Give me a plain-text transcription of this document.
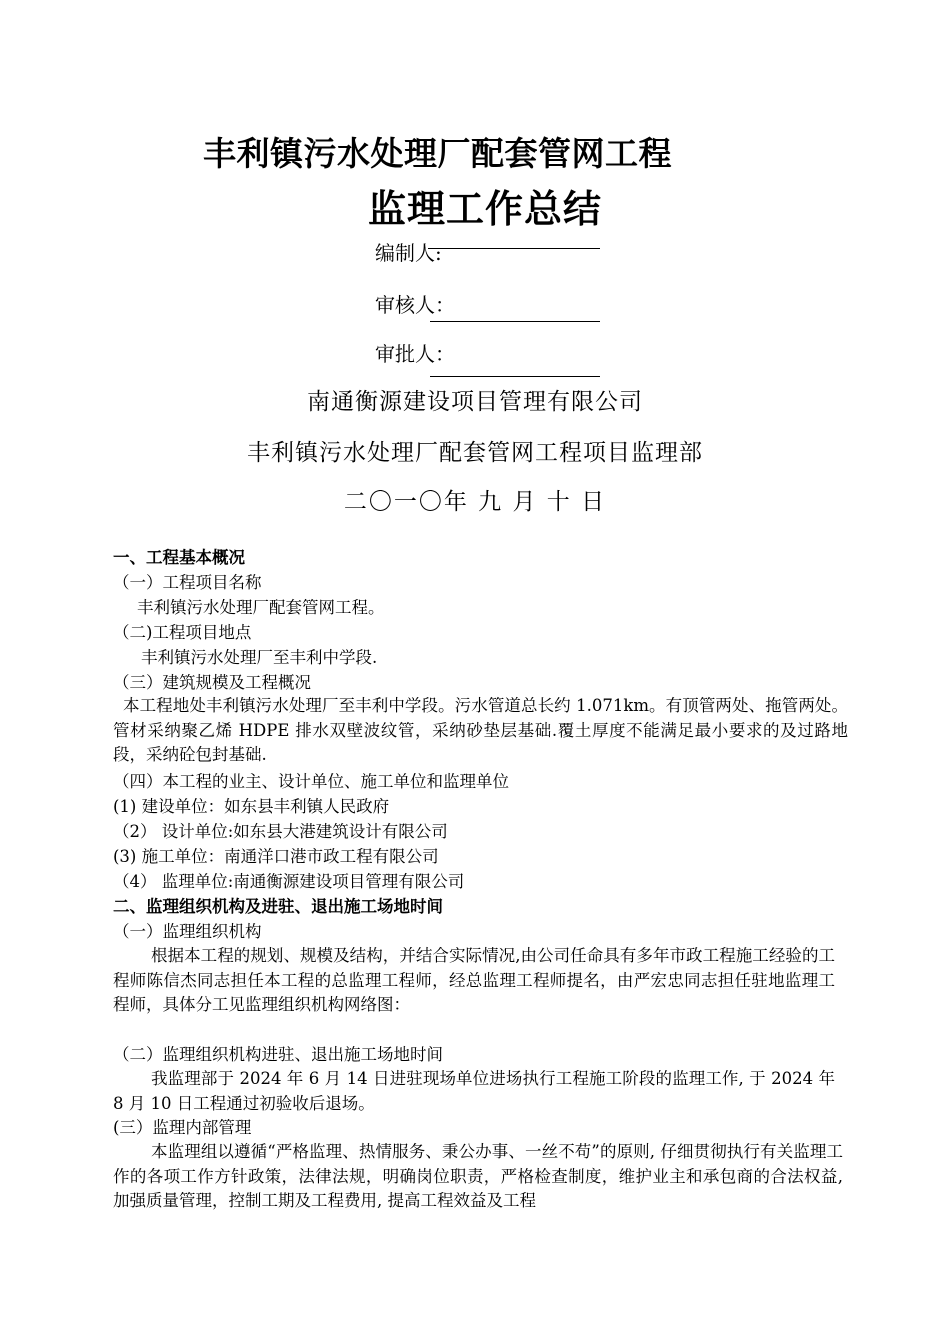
丰利镇污水处理厂配套管网工程
监理工作总结
编制人:
审核人：
审批人：
南通衡源建设项目管理有限公司
丰利镇污水处理厂配套管网工程项目监理部
二〇一〇年 九 月 十 日
一、工程基本概况
（一）工程项目名称
丰利镇污水处理厂配套管网工程。
（二)工程项目地点
丰利镇污水处理厂至丰利中学段.
（三）建筑规模及工程概况
本工程地处丰利镇污水处理厂至丰利中学段。污水管道总长约 1.071km。有顶管两处、拖管两处。管材采纳聚乙烯 HDPE 排水双壁波纹管，采纳砂垫层基础.覆土厚度不能满足最小要求的及过路地段，采纳砼包封基础.
（四）本工程的业主、设计单位、施工单位和监理单位
(1) 建设单位：如东县丰利镇人民政府
（2） 设计单位:如东县大港建筑设计有限公司
(3) 施工单位：南通洋口港市政工程有限公司
（4） 监理单位:南通衡源建设项目管理有限公司
二、监理组织机构及进驻、退出施工场地时间
（一）监理组织机构
根据本工程的规划、规模及结构，并结合实际情况,由公司任命具有多年市政工程施工经验的工程师陈信杰同志担任本工程的总监理工程师，经总监理工程师提名，由严宏忠同志担任驻地监理工程师，具体分工见监理组织机构网络图：
（二）监理组织机构进驻、退出施工场地时间
我监理部于 2024 年 6 月 14 日进驻现场单位进场执行工程施工阶段的监理工作, 于 2024 年 8 月 10 日工程通过初验收后退场。
(三）监理内部管理
本监理组以遵循“严格监理、热情服务、秉公办事、一丝不苟”的原则, 仔细贯彻执行有关监理工作的各项工作方针政策，法律法规，明确岗位职责，严格检查制度，维护业主和承包商的合法权益,加强质量管理，控制工期及工程费用, 提高工程效益及工程
